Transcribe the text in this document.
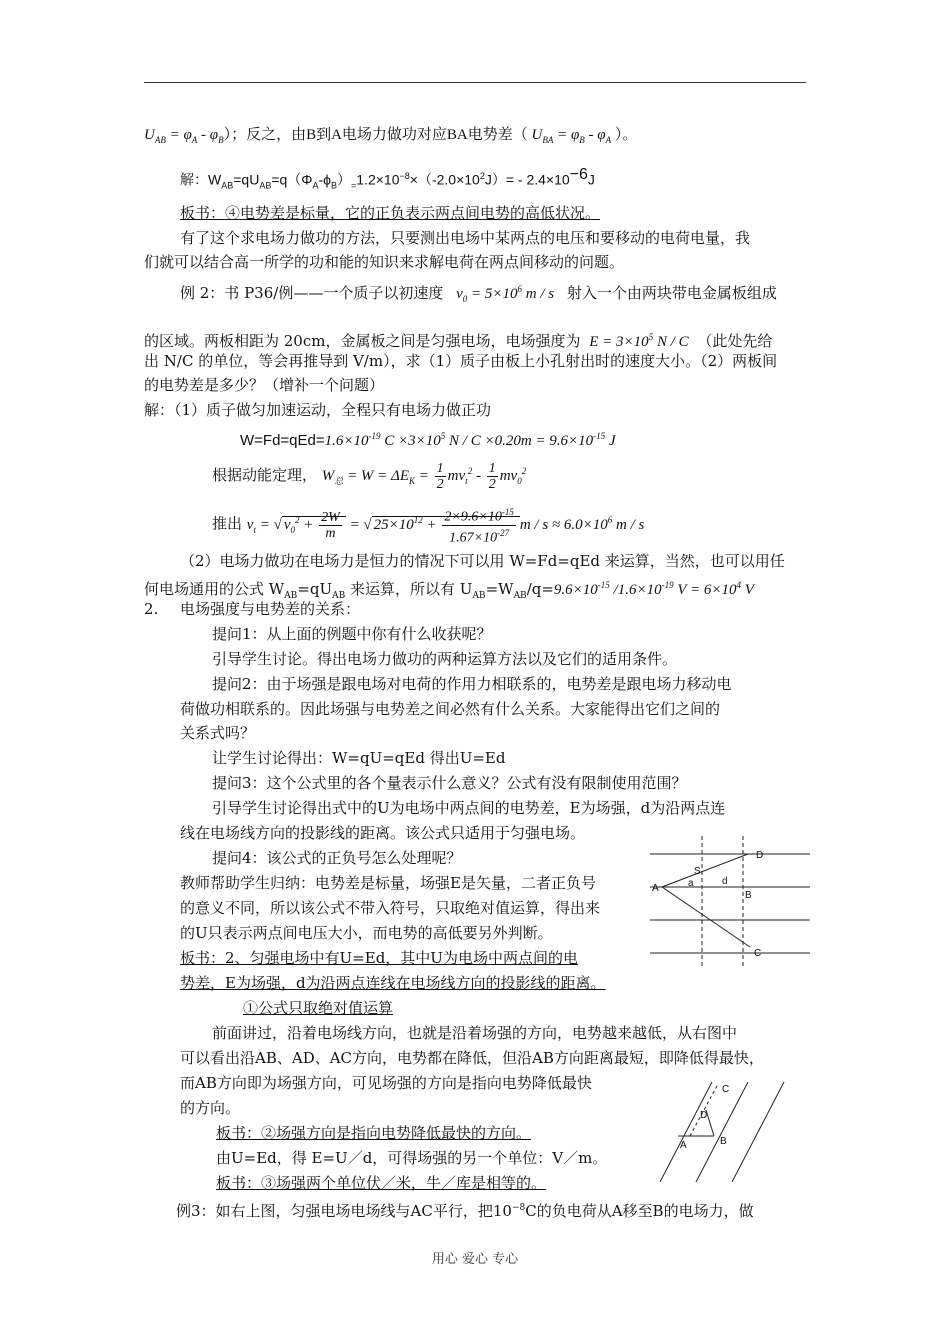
$U_{AB} = \varphi_A - \varphi_B$）；反之，由B到A电场力做功对应BA电势差（ $U_{BA} = \varphi_B - \varphi_A$ ）。
解：$W_{AB}=qU_{AB}=q(\Phi_A-\phi_B)_=1.2\times 10^{-8}\times(-2.0\times 10^2J)= - 2.4\times 10^{-6}J$
板书：④电势差是标量，它的正负表示两点间电势的高低状况。
有了这个求电场力做功的方法，只要测出电场中某两点的电压和要移动的电荷电量，我
们就可以结合高一所学的功和能的知识来求解电荷在两点间移动的问题。
例 2：书 P36/例——一个质子以初速度 $v_0 = 5\times 10^6$ m / s 射入一个由两块带电金属板组成
的区域。两板相距为 20cm，金属板之间是匀强电场，电场强度为 $E = 3\times 10^5$ N / C （此处先给
出 N/C 的单位，等会再推导到 V/m），求（1）质子由板上小孔射出时的速度大小。（2）两板间
的电势差是多少？（增补一个问题）
解：（1）质子做匀加速运动，全程只有电场力做正功
$W=Fd=qEd=1.6\times 10^{-19}$ $C \times 3\times 10^5$ $N / C \times 0.20m = 9.6\times 10^{-15}$ J
根据动能定理， $W_总 = W = \Delta E_K = \frac{1}{2} mv_t^2 - \frac{1}{2} mv_0^2$
推出 $v_t$ = √ $v_0^2 + \frac{2W}{m}$ = √ $25\times 10^{12} + \frac{2\times 9.6\times 10^{-15}}{1.67\times 10^{-27}}$ $m / s \approx 6.0\times 10^6$ m / s
（2）电场力做功在电场力是恒力的情况下可以用 W=Fd=qEd 来运算，当然，也可以用任
何电场通用的公式 $W_{AB}=qU_{AB}$ 来运算，所以有 $U_{AB}=W_{AB}/q=9.6\times 10^{-15}$ $/1.6\times 10^{-19}$ $V = 6\times 10^4$ V
2. 电场强度与电势差的关系：
提问1：从上面的例题中你有什么收获呢？
引导学生讨论。得出电场力做功的两种运算方法以及它们的适用条件。
提问2：由于场强是跟电场对电荷的作用力相联系的，电势差是跟电场力移动电
荷做功相联系的。因此场强与电势差之间必然有什么关系。大家能得出它们之间的
关系式吗？
让学生讨论得出：W=qU=qEd 得出U=Ed
提问3：这个公式里的各个量表示什么意义？公式有没有限制使用范围？
引导学生讨论得出式中的U为电场中两点间的电势差，E为场强，d为沿两点连
线在电场线方向的投影线的距离。该公式只适用于匀强电场。
提问4：该公式的正负号怎么处理呢？
教师帮助学生归纳：电势差是标量，场强E是矢量，二者正负号
的意义不同，所以该公式不带入符号，只取绝对值运算，得出来
的U只表示两点间电压大小，而电势的高低要另外判断。
板书：2、匀强电场中有U=Ed，其中U为电场中两点间的电
势差，E为场强，d为沿两点连线在电场线方向的投影线的距离。
①公式只取绝对值运算
前面讲过，沿着电场线方向，也就是沿着场强的方向，电势越来越低，从右图中
可以看出沿AB、AD、AC方向，电势都在降低，但沿AB方向距离最短，即降低得最快，
而AB方向即为场强方向，可见场强的方向是指向电势降低最快
的方向。
板书：②场强方向是指向电势降低最快的方向。
由U=Ed，得 E=U／d，可得场强的另一个单位：V／m。
板书：③场强两个单位伏／米，牛／库是相等的。
例3：如右上图，匀强电场电场线与AC平行，把$10^{-8}C$的负电荷从A移至B的电场力，做
D
S
A	a	d
B
C
C
D
A	B
用心 爱心 专心
